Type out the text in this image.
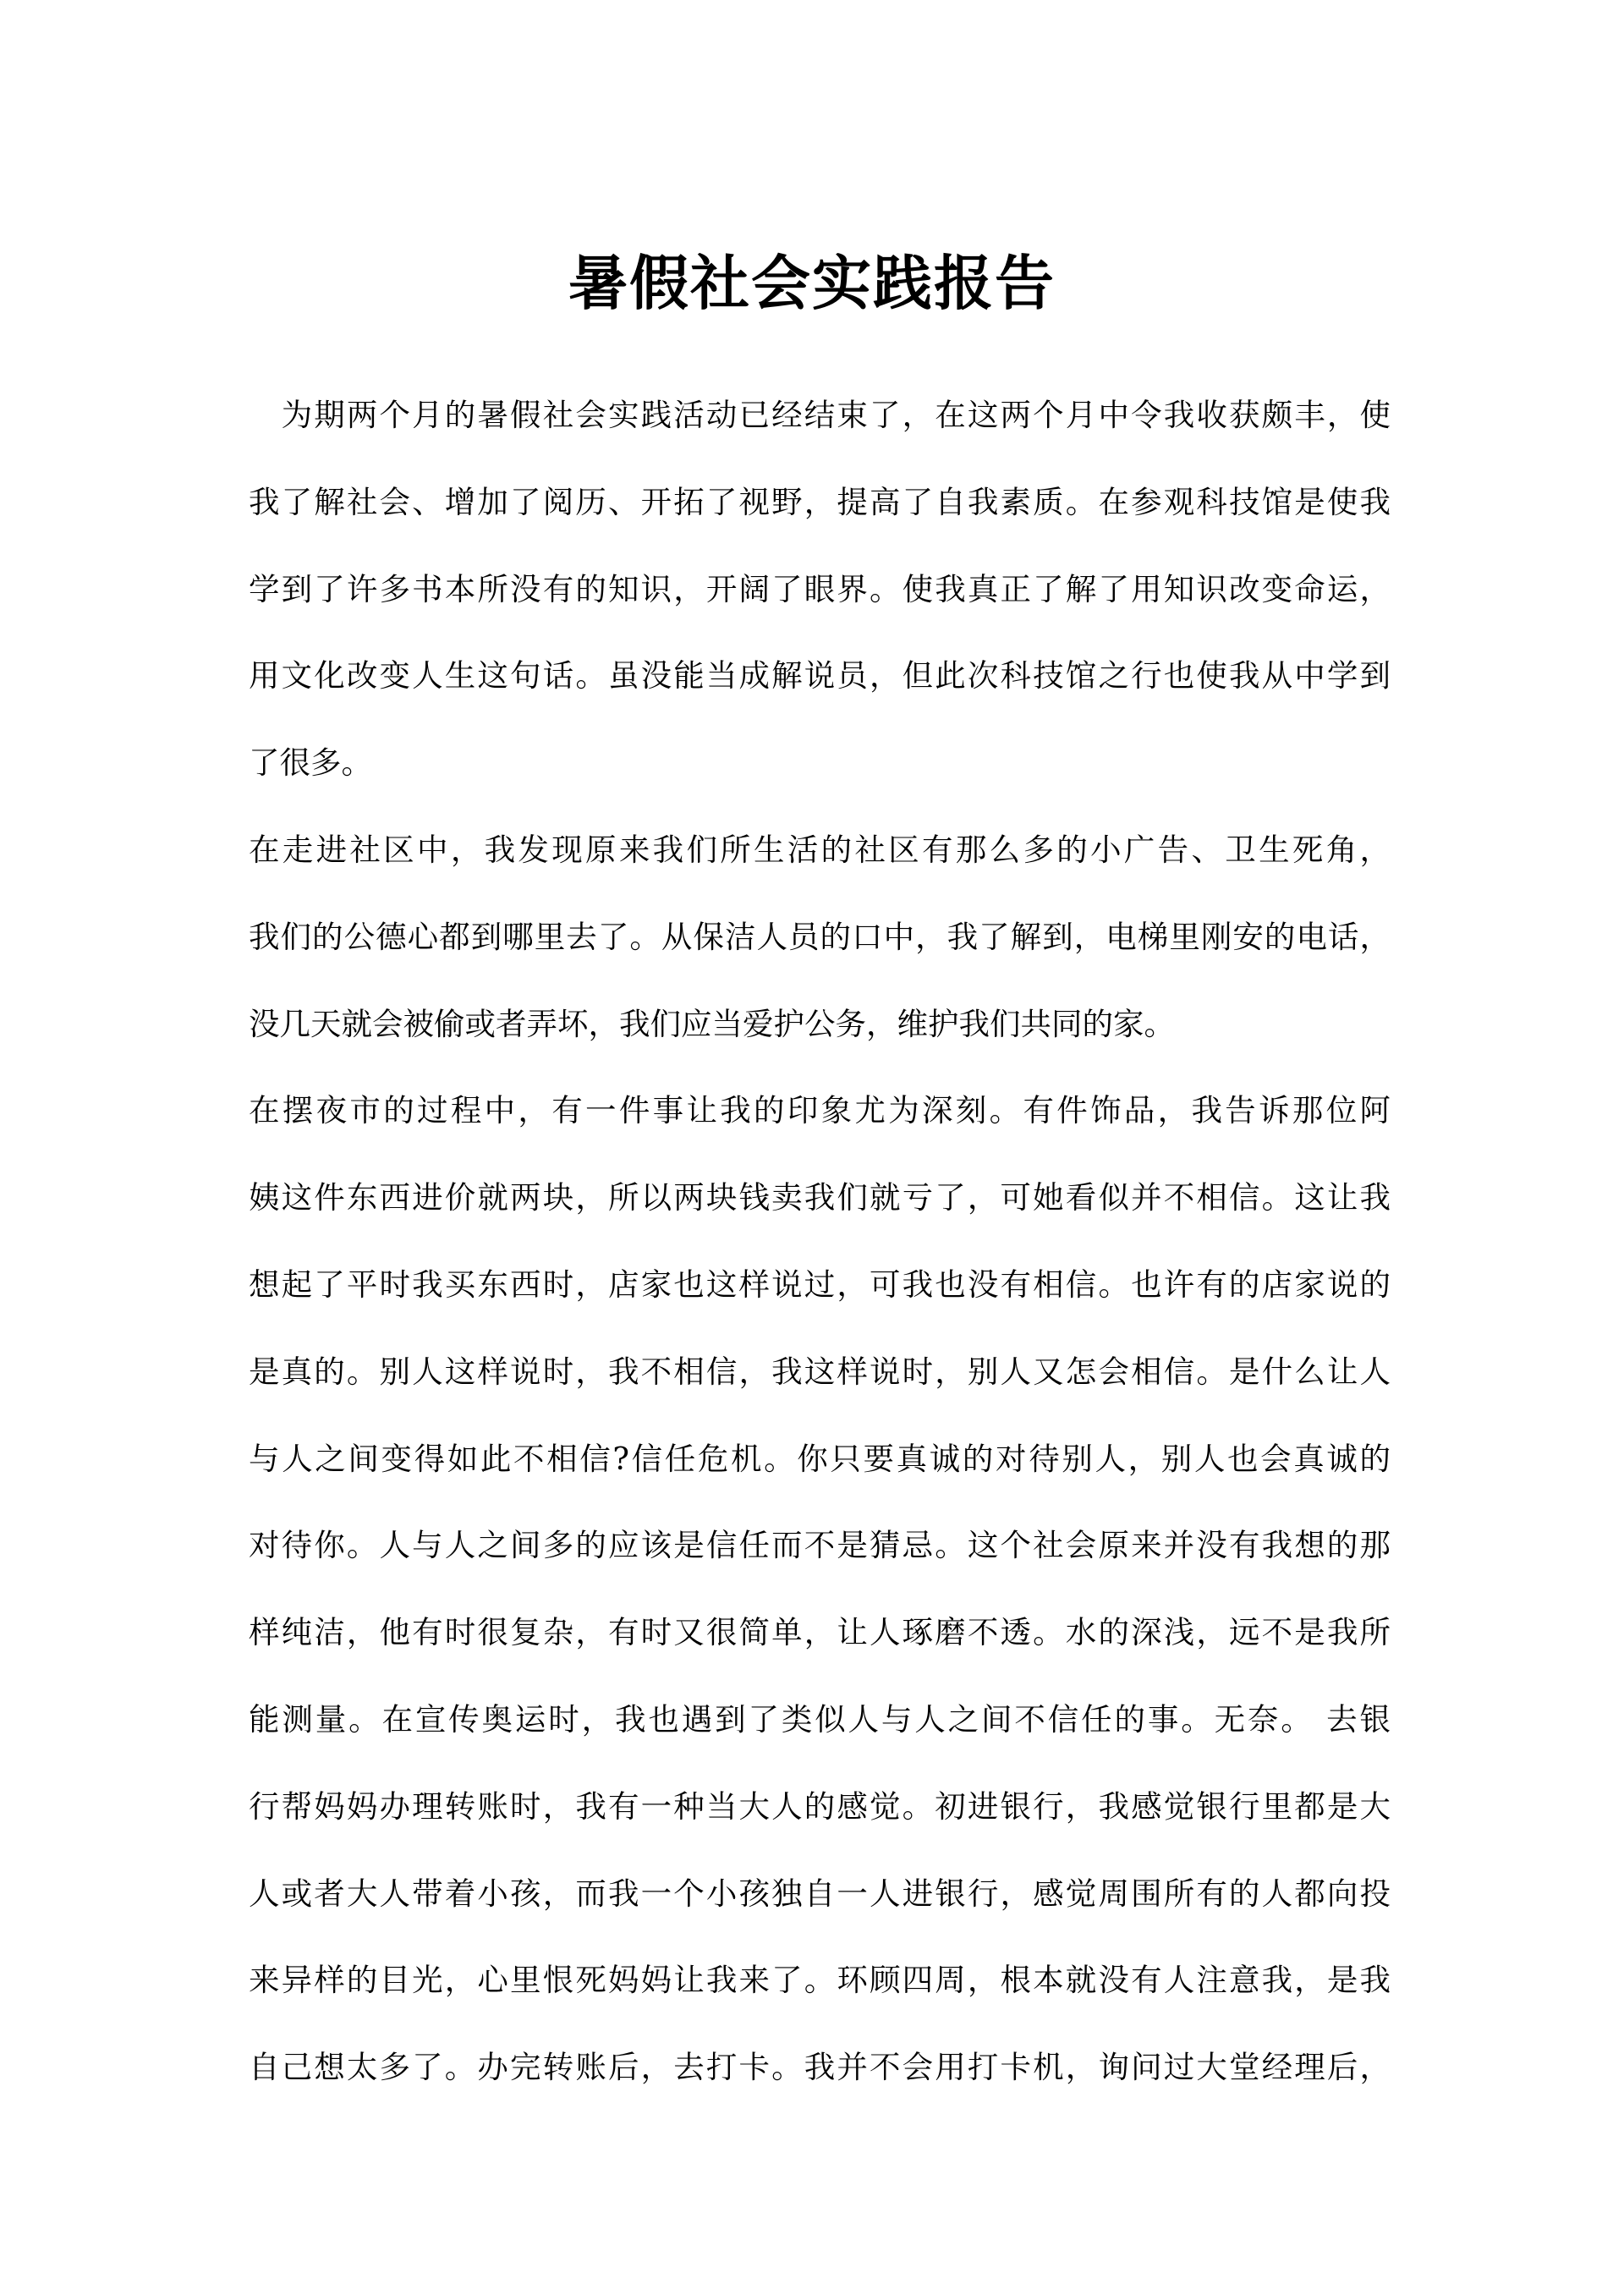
暑假社会实践报告
　为期两个月的暑假社会实践活动已经结束了，在这两个月中令我收获颇丰，使
我了解社会、增加了阅历、开拓了视野，提高了自我素质。在参观科技馆是使我
学到了许多书本所没有的知识，开阔了眼界。使我真正了解了用知识改变命运，
用文化改变人生这句话。虽没能当成解说员，但此次科技馆之行也使我从中学到
了很多。
在走进社区中，我发现原来我们所生活的社区有那么多的小广告、卫生死角，
我们的公德心都到哪里去了。从保洁人员的口中，我了解到，电梯里刚安的电话，
没几天就会被偷或者弄坏，我们应当爱护公务，维护我们共同的家。
在摆夜市的过程中，有一件事让我的印象尤为深刻。有件饰品，我告诉那位阿
姨这件东西进价就两块，所以两块钱卖我们就亏了，可她看似并不相信。这让我
想起了平时我买东西时，店家也这样说过，可我也没有相信。也许有的店家说的
是真的。别人这样说时，我不相信，我这样说时，别人又怎会相信。是什么让人
与人之间变得如此不相信?信任危机。你只要真诚的对待别人，别人也会真诚的
对待你。人与人之间多的应该是信任而不是猜忌。这个社会原来并没有我想的那
样纯洁，他有时很复杂，有时又很简单，让人琢磨不透。水的深浅，远不是我所
能测量。在宣传奥运时，我也遇到了类似人与人之间不信任的事。无奈。 去银
行帮妈妈办理转账时，我有一种当大人的感觉。初进银行，我感觉银行里都是大
人或者大人带着小孩，而我一个小孩独自一人进银行，感觉周围所有的人都向投
来异样的目光，心里恨死妈妈让我来了。环顾四周，根本就没有人注意我，是我
自己想太多了。办完转账后，去打卡。我并不会用打卡机，询问过大堂经理后，
